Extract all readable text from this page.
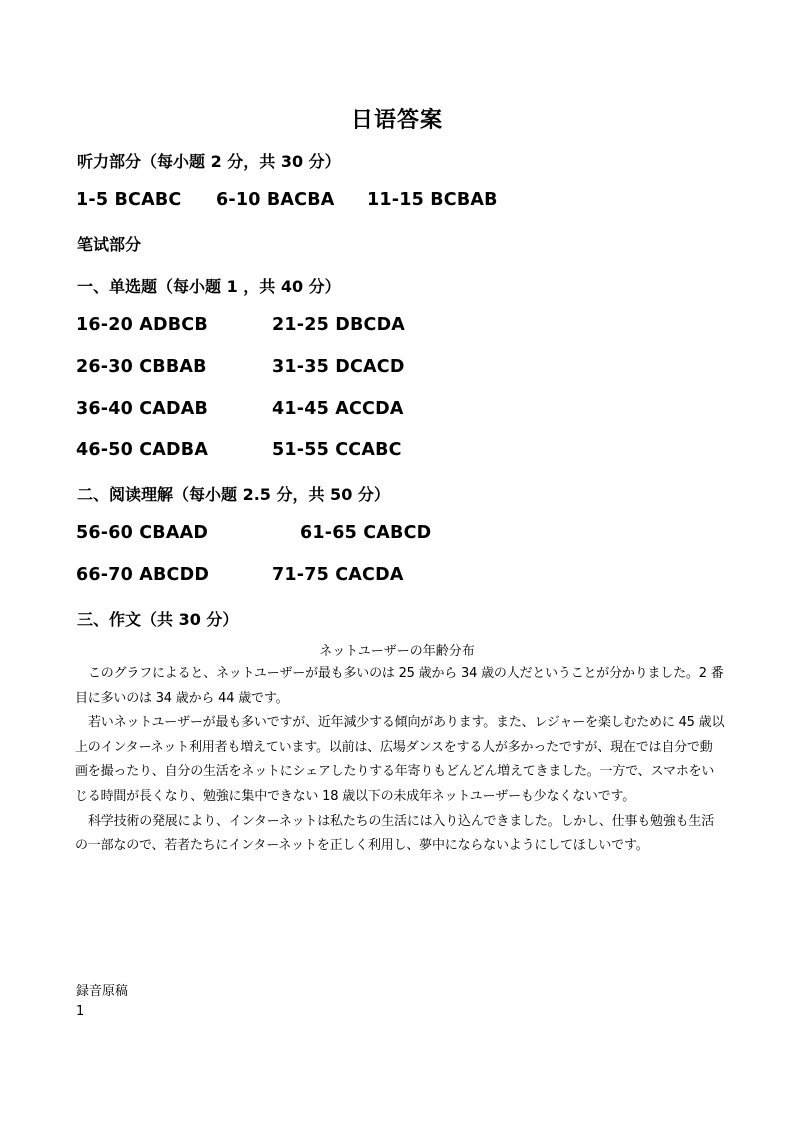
日语答案
听力部分（每小题 2 分，共 30 分）
1-5 BCABC 6-10 BACBA 11-15 BCBAB
笔试部分
一、单选题（每小题 1 ，共 40 分）
16-20 ADBCB	21-25 DBCDA
26-30 CBBAB	31-35 DCACD
36-40 CADAB	41-45 ACCDA
46-50 CADBA	51-55 CCABC
二、阅读理解（每小题 2.5 分，共 50 分）
56-60 CBAAD	61-65 CABCD
66-70 ABCDD	71-75 CACDA
三、作文（共 30 分）
ネットユーザーの年齢分布

このグラフによると、ネットユーザーが最も多いのは 25 歳から 34 歳の人だということが分かりました。2 番目に多いのは 34 歳から 44 歳です。

若いネットユーザーが最も多いですが、近年減少する傾向があります。また、レジャーを楽しむために 45 歳以上のインターネット利用者も増えています。以前は、広場ダンスをする人が多かったですが、現在では自分で動画を撮ったり、自分の生活をネットにシェアしたりする年寄りもどんどん増えてきました。一方で、スマホをいじる時間が長くなり、勉強に集中できない 18 歳以下の未成年ネットユーザーも少なくないです。

科学技術の発展により、インターネットは私たちの生活には入り込んできました。しかし、仕事も勉強も生活の一部なので、若者たちにインターネットを正しく利用し、夢中にならないようにしてほしいです。

録音原稿
1
